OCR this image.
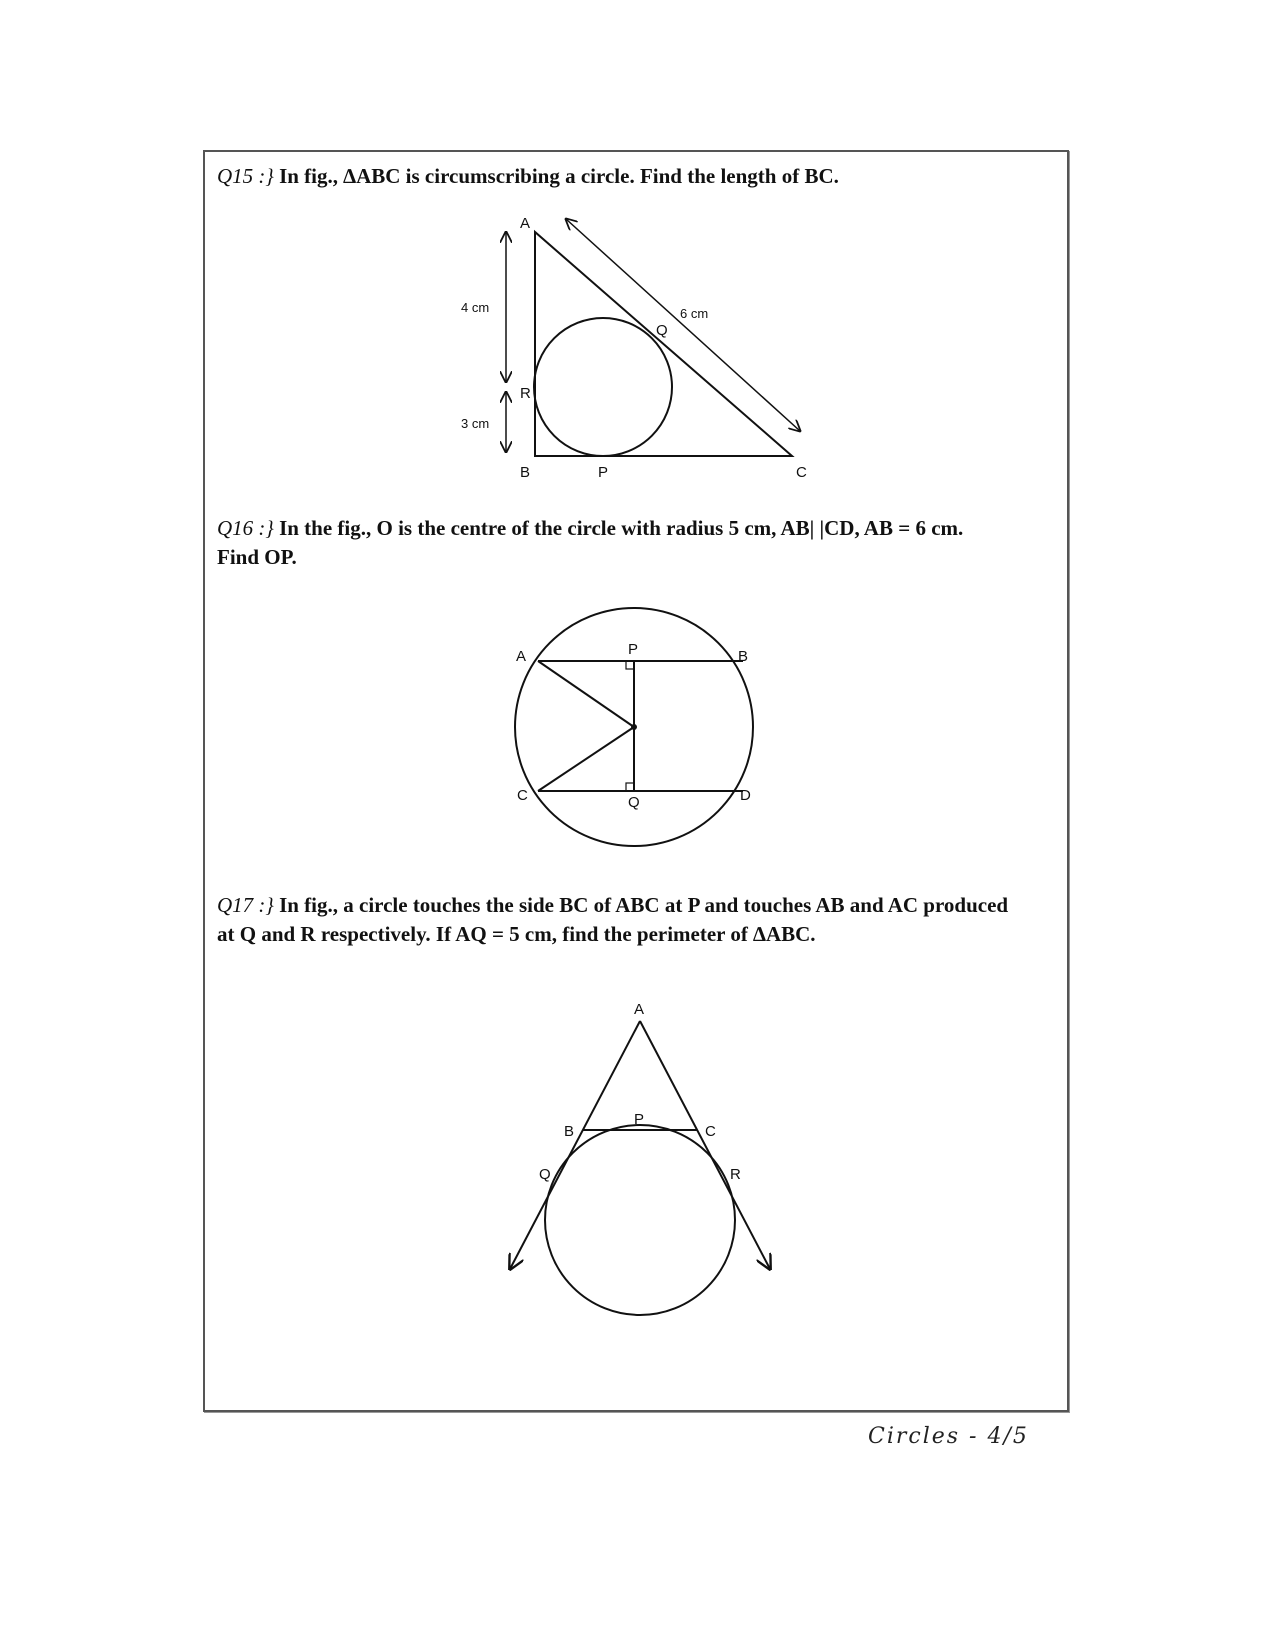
Q15 :} In fig., ∆ABC is circumscribing a circle. Find the length of BC.
Q16 :} In the fig., O is the centre of the circle with radius 5 cm, AB| |CD, AB = 6 cm.
Find OP.
Q17 :} In fig., a circle touches the side BC of ABC at P and touches AB and AC produced
at Q and R respectively. If AQ = 5 cm, find the perimeter of ∆ABC.
A
B	C
P
Q
R
4 cm
3 cm
6 cm
A	B
C	D
P
Q
A
B	C
P
Q	R
Circles - 4/5
